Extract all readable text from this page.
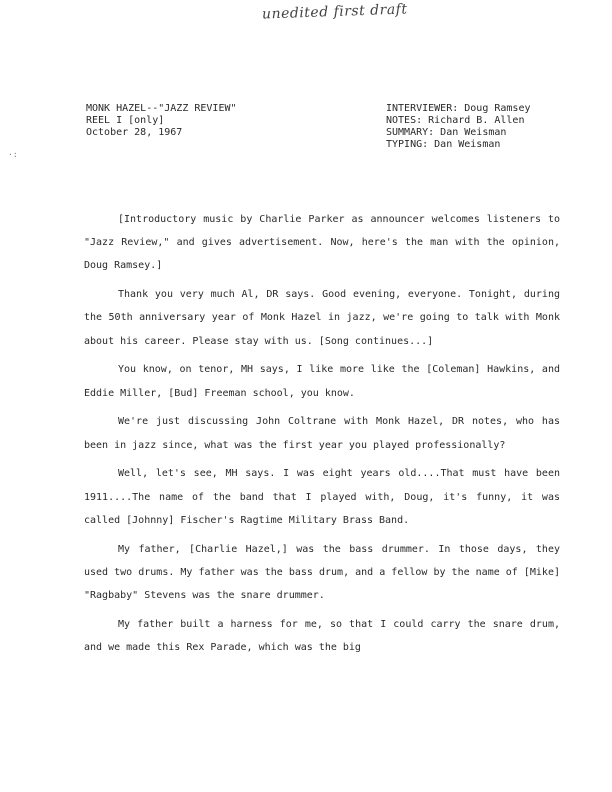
unedited first draft
MONK HAZEL--"JAZZ REVIEW"
REEL I [only]
October 28, 1967
INTERVIEWER: Doug Ramsey
NOTES: Richard B. Allen
SUMMARY: Dan Weisman
TYPING: Dan Weisman
·:

[Introductory music by Charlie Parker as announcer welcomes listeners to "Jazz Review," and gives advertisement. Now, here's the man with the opinion, Doug Ramsey.]

Thank you very much Al, DR says. Good evening, everyone. Tonight, during the 50th anniversary year of Monk Hazel in jazz, we're going to talk with Monk about his career. Please stay with us. [Song continues...]

You know, on tenor, MH says, I like more like the [Coleman] Hawkins, and Eddie Miller, [Bud] Freeman school, you know.

We're just discussing John Coltrane with Monk Hazel, DR notes, who has been in jazz since, what was the first year you played professionally?

Well, let's see, MH says. I was eight years old....That must have been 1911....The name of the band that I played with, Doug, it's funny, it was called [Johnny] Fischer's Ragtime Military Brass Band.

My father, [Charlie Hazel,] was the bass drummer. In those days, they used two drums. My father was the bass drum, and a fellow by the name of [Mike] "Ragbaby" Stevens was the snare drummer.

My father built a harness for me, so that I could carry the snare drum, and we made this Rex Parade, which was the big
